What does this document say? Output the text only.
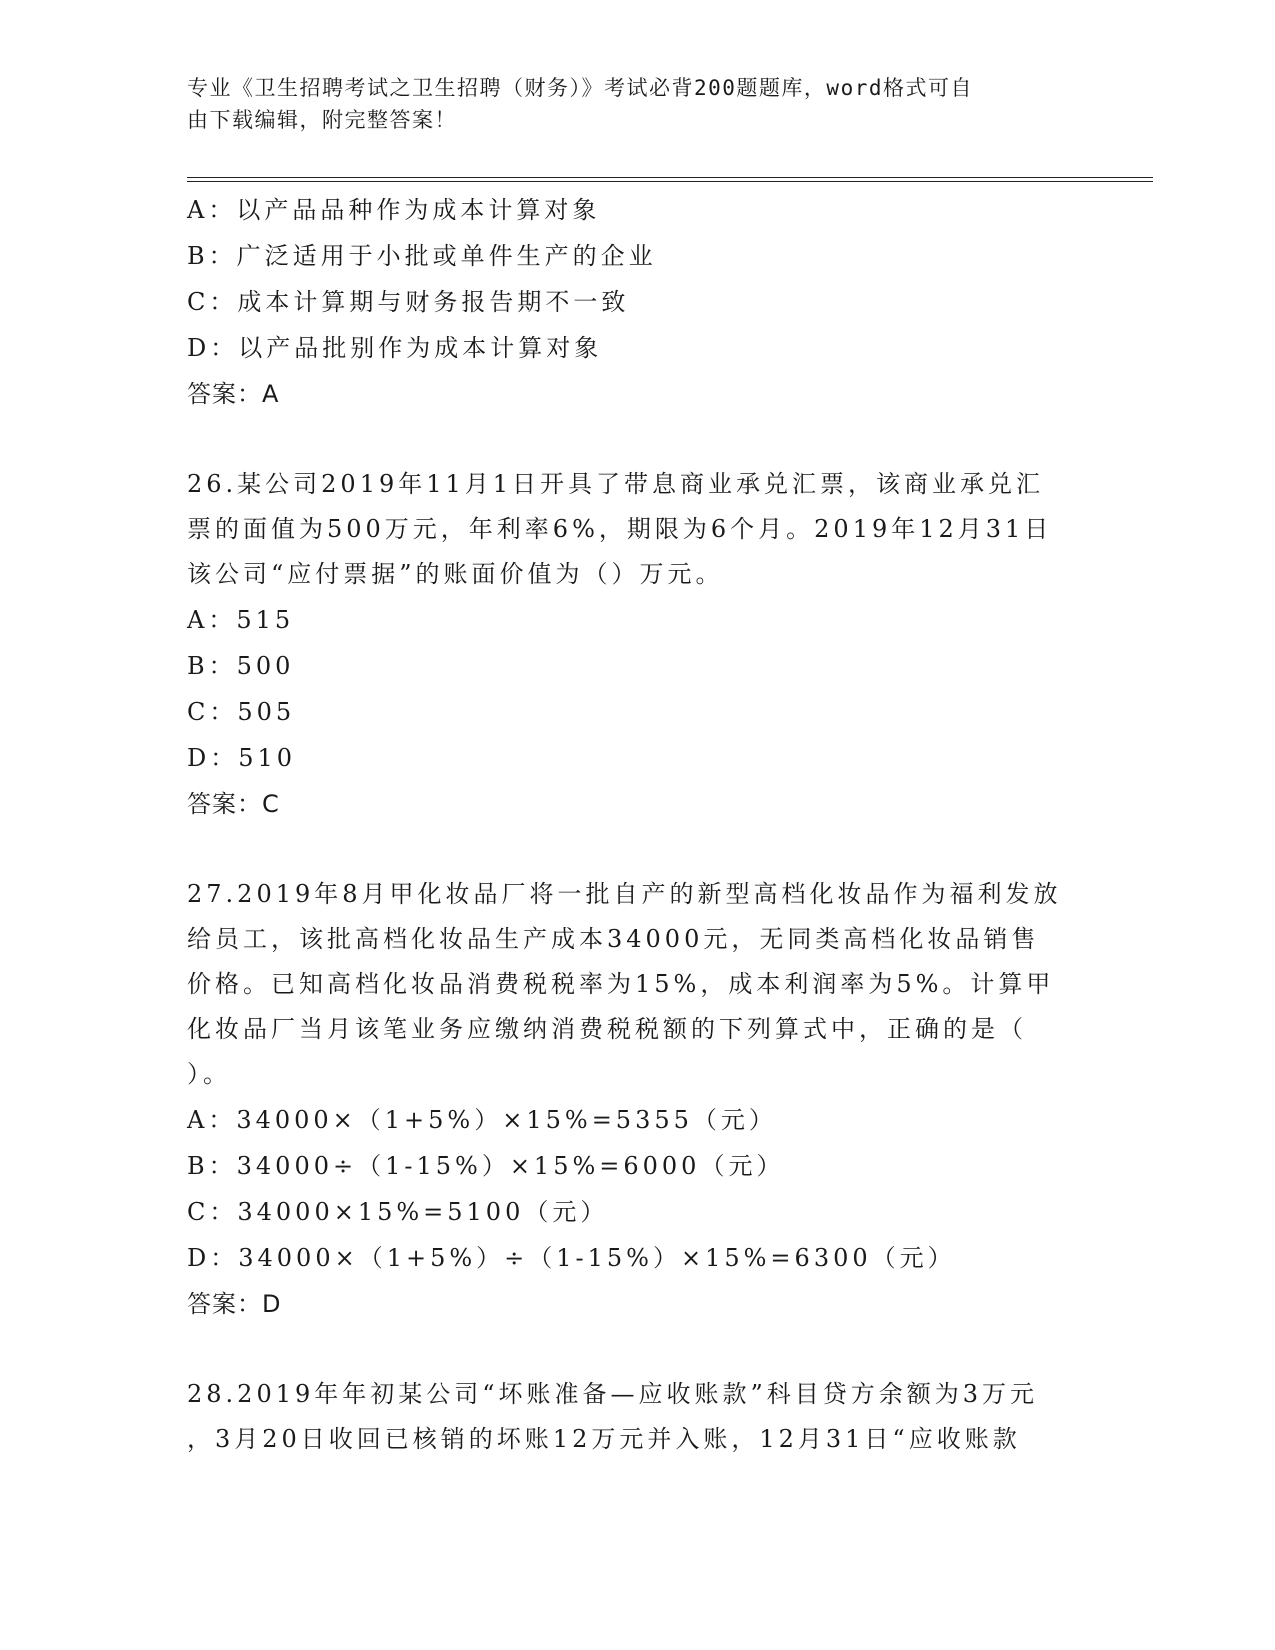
专业《卫生招聘考试之卫生招聘（财务）》考试必背200题题库，word格式可自
由下载编辑，附完整答案！
A：以产品品种作为成本计算对象
B：广泛适用于小批或单件生产的企业
C：成本计算期与财务报告期不一致
D：以产品批别作为成本计算对象
答案：A
26.某公司2019年11月1日开具了带息商业承兑汇票，该商业承兑汇
票的面值为500万元，年利率6%，期限为6个月。2019年12月31日
该公司“应付票据”的账面价值为（）万元。
A：515
B：500
C：505
D：510
答案：C
27.2019年8月甲化妆品厂将一批自产的新型高档化妆品作为福利发放
给员工，该批高档化妆品生产成本34000元，无同类高档化妆品销售
价格。已知高档化妆品消费税税率为15%，成本利润率为5%。计算甲
化妆品厂当月该笔业务应缴纳消费税税额的下列算式中，正确的是（
）。
A：34000×（1+5%）×15%=5355（元）
B：34000÷（1-15%）×15%=6000（元）
C：34000×15%=5100（元）
D：34000×（1+5%）÷（1-15%）×15%=6300（元）
答案：D
28.2019年年初某公司“坏账准备—应收账款”科目贷方余额为3万元
，3月20日收回已核销的坏账12万元并入账，12月31日“应收账款
